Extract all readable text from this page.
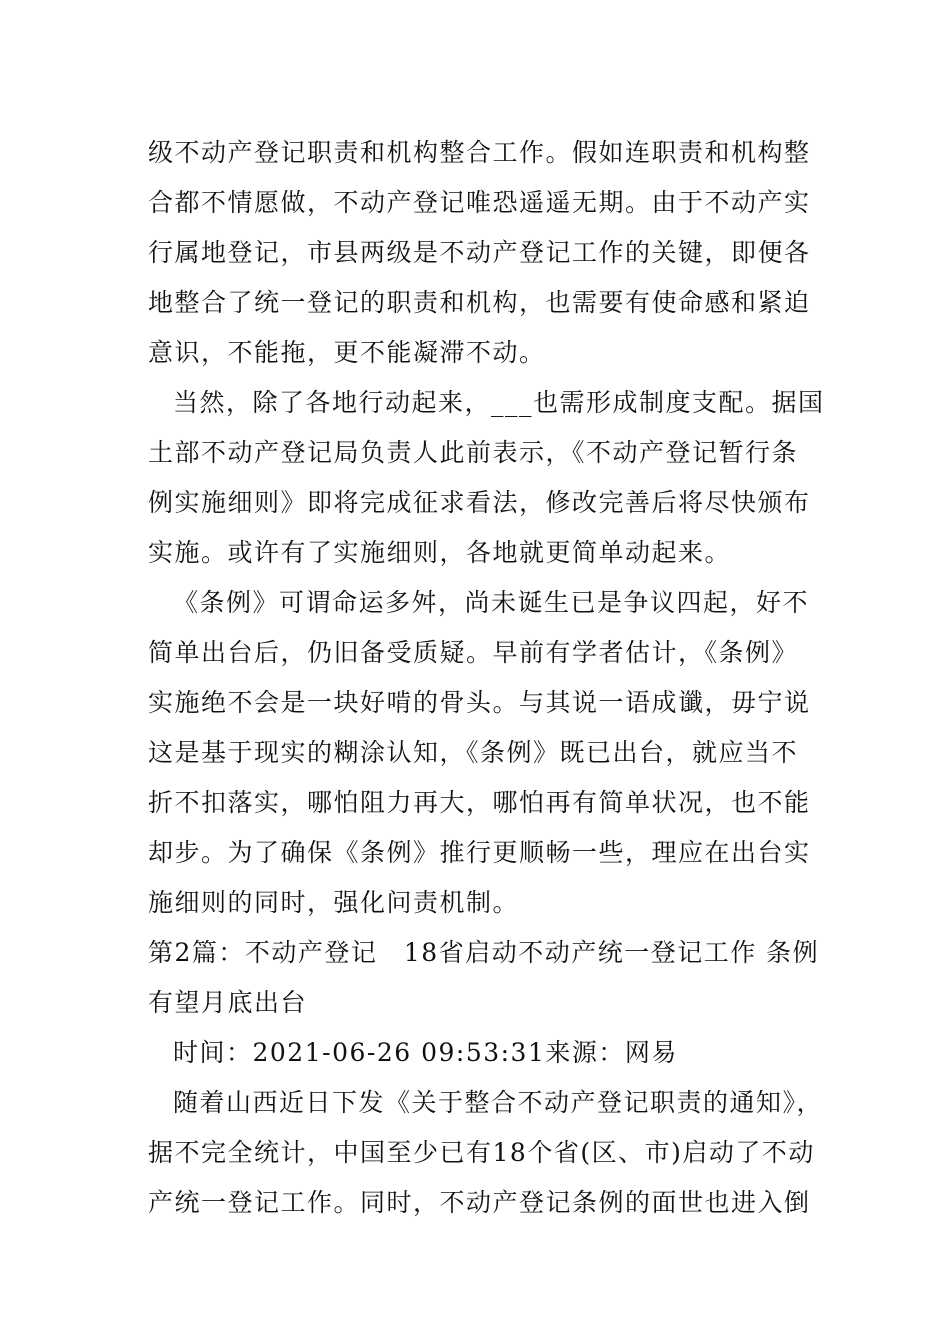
级不动产登记职责和机构整合工作。假如连职责和机构整
合都不情愿做，不动产登记唯恐遥遥无期。由于不动产实
行属地登记，市县两级是不动产登记工作的关键，即便各
地整合了统一登记的职责和机构，也需要有使命感和紧迫
意识，不能拖，更不能凝滞不动。
当然，除了各地行动起来，___也需形成制度支配。据国
土部不动产登记局负责人此前表示，《不动产登记暂行条
例实施细则》即将完成征求看法，修改完善后将尽快颁布
实施。或许有了实施细则，各地就更简单动起来。
《条例》可谓命运多舛，尚未诞生已是争议四起，好不
简单出台后，仍旧备受质疑。早前有学者估计，《条例》
实施绝不会是一块好啃的骨头。与其说一语成谶，毋宁说
这是基于现实的糊涂认知，《条例》既已出台，就应当不
折不扣落实，哪怕阻力再大，哪怕再有简单状况，也不能
却步。为了确保《条例》推行更顺畅一些，理应在出台实
施细则的同时，强化问责机制。
第2篇：不动产登记　18省启动不动产统一登记工作 条例
有望月底出台
时间：2021-06-26 09:53:31来源：网易
随着山西近日下发《关于整合不动产登记职责的通知》，
据不完全统计，中国至少已有18个省(区、市)启动了不动
产统一登记工作。同时，不动产登记条例的面世也进入倒
